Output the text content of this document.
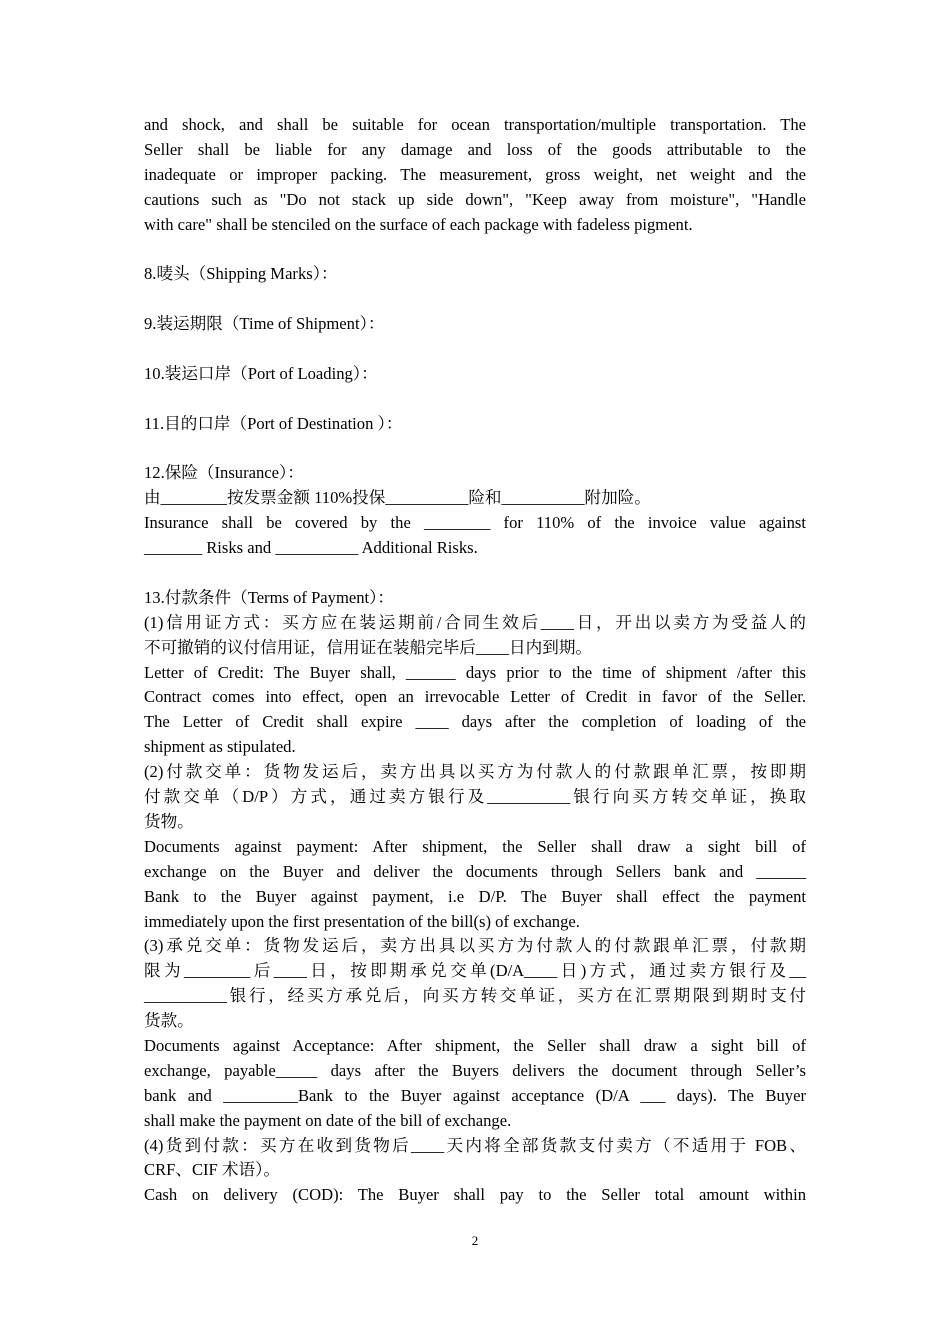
and shock, and shall be suitable for ocean transportation/multiple transportation. The
Seller shall be liable for any damage and loss of the goods attributable to the
inadequate or improper packing. The measurement, gross weight, net weight and the
cautions such as "Do not stack up side down", "Keep away from moisture", "Handle
with care" shall be stenciled on the surface of each package with fadeless pigment.
8.唛头（Shipping Marks）：
9.装运期限（Time of Shipment）：
10.装运口岸（Port of Loading）：
11.目的口岸（Port of Destination ）：
12.保险（Insurance）：
由________按发票金额 110%投保__________险和__________附加险。
Insurance shall be covered by the ________ for 110% of the invoice value against
_______ Risks and __________ Additional Risks.
13.付款条件（Terms of Payment）：
(1)信用证方式：买方应在装运期前/合同生效后____日，开出以卖方为受益人的
不可撤销的议付信用证，信用证在装船完毕后____日内到期。
Letter of Credit: The Buyer shall, ______ days prior to the time of shipment /after this
Contract comes into effect, open an irrevocable Letter of Credit in favor of the Seller.
The Letter of Credit shall expire ____ days after the completion of loading of the
shipment as stipulated.
(2)付款交单：货物发运后，卖方出具以买方为付款人的付款跟单汇票，按即期
付款交单（D/P）方式，通过卖方银行及__________银行向买方转交单证，换取
货物。
Documents against payment: After shipment, the Seller shall draw a sight bill of
exchange on the Buyer and deliver the documents through Sellers bank and ______
Bank to the Buyer against payment, i.e D/P. The Buyer shall effect the payment
immediately upon the first presentation of the bill(s) of exchange.
(3)承兑交单：货物发运后，卖方出具以买方为付款人的付款跟单汇票，付款期
限为________后____日，按即期承兑交单(D/A____日)方式，通过卖方银行及__
__________银行，经买方承兑后，向买方转交单证，买方在汇票期限到期时支付
货款。
Documents against Acceptance: After shipment, the Seller shall draw a sight bill of
exchange, payable_____ days after the Buyers delivers the document through Seller’s
bank and _________Bank to the Buyer against acceptance (D/A ___ days). The Buyer
shall make the payment on date of the bill of exchange.
(4)货到付款：买方在收到货物后____天内将全部货款支付卖方（不适用于 FOB、
CRF、CIF 术语）。
Cash on delivery (COD): The Buyer shall pay to the Seller total amount within
2
